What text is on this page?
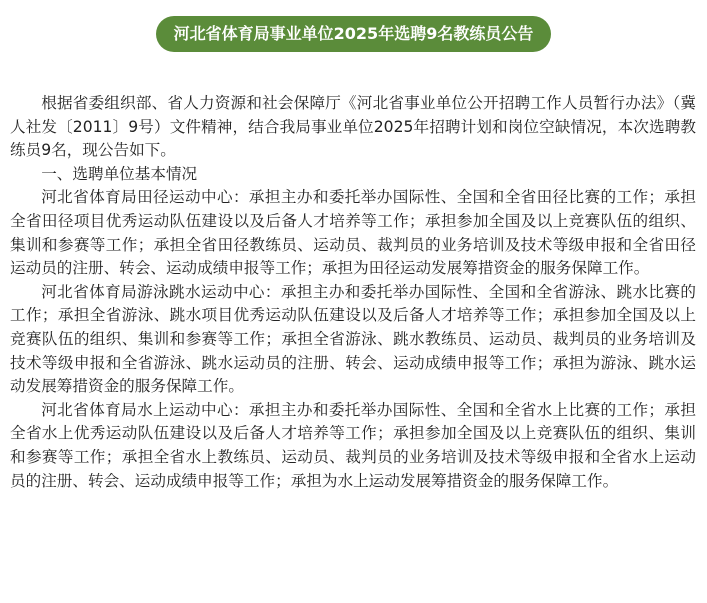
河北省体育局事业单位2025年选聘9名教练员公告

根据省委组织部、省人力资源和社会保障厅《河北省事业单位公开招聘工作人员暂行办法》（冀人社发〔2011〕9号）文件精神，结合我局事业单位2025年招聘计划和岗位空缺情况，本次选聘教练员9名，现公告如下。

一、选聘单位基本情况

河北省体育局田径运动中心：承担主办和委托举办国际性、全国和全省田径比赛的工作；承担全省田径项目优秀运动队伍建设以及后备人才培养等工作；承担参加全国及以上竞赛队伍的组织、集训和参赛等工作；承担全省田径教练员、运动员、裁判员的业务培训及技术等级申报和全省田径运动员的注册、转会、运动成绩申报等工作；承担为田径运动发展筹措资金的服务保障工作。

河北省体育局游泳跳水运动中心：承担主办和委托举办国际性、全国和全省游泳、跳水比赛的工作；承担全省游泳、跳水项目优秀运动队伍建设以及后备人才培养等工作；承担参加全国及以上竞赛队伍的组织、集训和参赛等工作；承担全省游泳、跳水教练员、运动员、裁判员的业务培训及技术等级申报和全省游泳、跳水运动员的注册、转会、运动成绩申报等工作；承担为游泳、跳水运动发展筹措资金的服务保障工作。

河北省体育局水上运动中心：承担主办和委托举办国际性、全国和全省水上比赛的工作；承担全省水上优秀运动队伍建设以及后备人才培养等工作；承担参加全国及以上竞赛队伍的组织、集训和参赛等工作；承担全省水上教练员、运动员、裁判员的业务培训及技术等级申报和全省水上运动员的注册、转会、运动成绩申报等工作；承担为水上运动发展筹措资金的服务保障工作。
